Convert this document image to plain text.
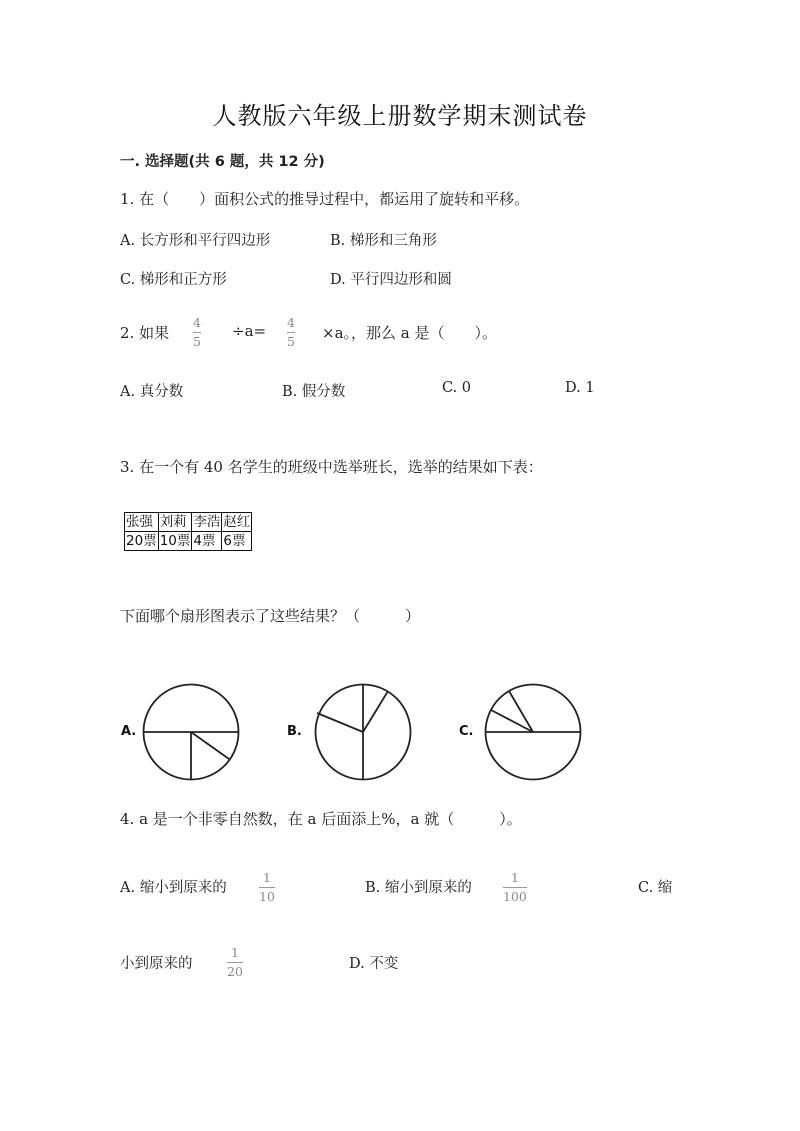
人教版六年级上册数学期末测试卷
一. 选择题(共 6 题，共 12 分)
1. 在（　　）面积公式的推导过程中，都运用了旋转和平移。
A. 长方形和平行四边形	B. 梯形和三角形
C. 梯形和正方形	D. 平行四边形和圆
2. 如果
4
5
÷a= 4
5 ×a。，那么 a 是（　　）。
A. 真分数	B. 假分数	C. 0	D. 1
3. 在一个有 40 名学生的班级中选举班长，选举的结果如下表：
张强	刘莉	李浩	赵红
20票	10票	4票	6票
下面哪个扇形图表示了这些结果？（　　　）
A.	B.	C.
4. a 是一个非零自然数，在 a 后面添上%，a 就（　　　）。
A. 缩小到原来的
1
10
B. 缩小到原来的
1
100
C. 缩
小到原来的
1
20	D. 不变
